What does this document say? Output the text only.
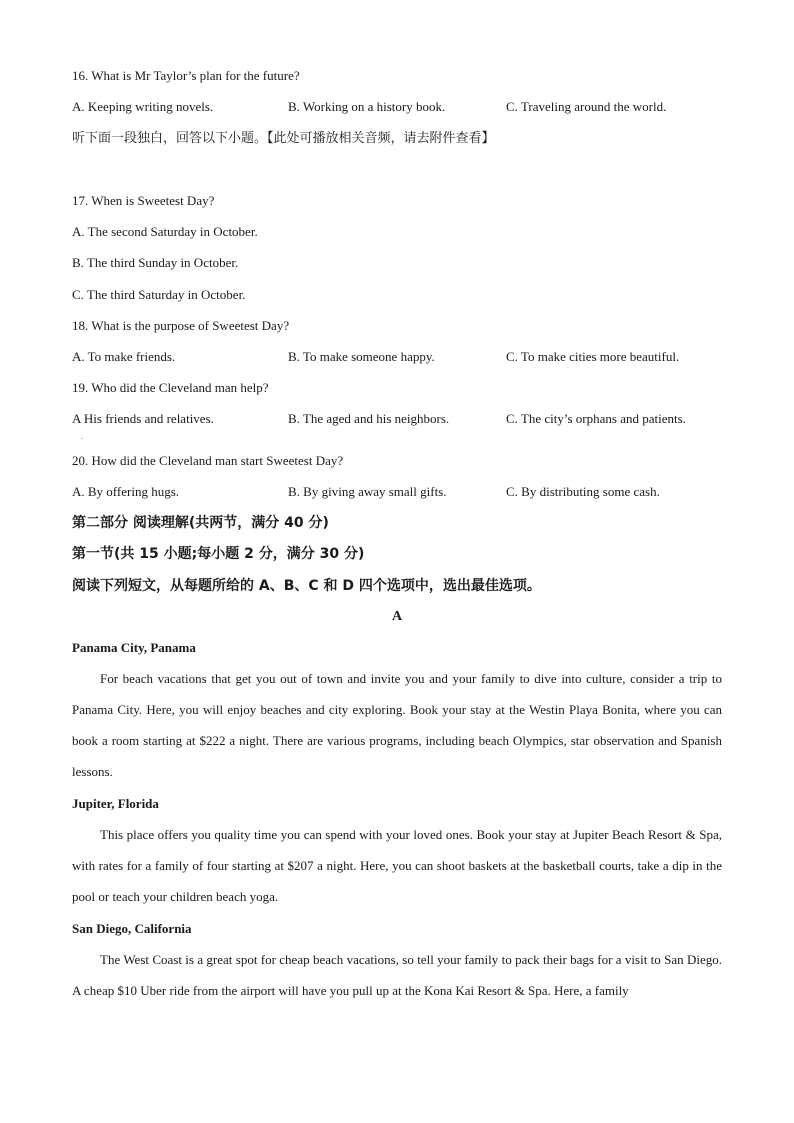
16. What is Mr Taylor’s plan for the future?
A. Keeping writing novels.	B. Working on a history book.	C. Traveling around the world.
听下面一段独白，回答以下小题。【此处可播放相关音频，请去附件查看】
17. When is Sweetest Day?
A. The second Saturday in October.
B. The third Sunday in October.
C. The third Saturday in October.
18. What is the purpose of Sweetest Day?
A. To make friends.	B. To make someone happy.	C. To make cities more beautiful.
19. Who did the Cleveland man help?
A His friends and relatives.	B. The aged and his neighbors.	C. The city’s orphans and patients.
.
20. How did the Cleveland man start Sweetest Day?
A. By offering hugs.	B. By giving away small gifts.	C. By distributing some cash.
第二部分 阅读理解(共两节，满分 40 分)
第一节(共 15 小题;每小题 2 分，满分 30 分)
阅读下列短文，从每题所给的 A、B、C 和 D 四个选项中，选出最佳选项。
A
Panama City, Panama

For beach vacations that get you out of town and invite you and your family to dive into culture, consider a trip to Panama City. Here, you will enjoy beaches and city exploring. Book your stay at the Westin Playa Bonita, where you can book a room starting at $222 a night. There are various programs, including beach Olympics, star observation and Spanish lessons.

Jupiter, Florida

This place offers you quality time you can spend with your loved ones. Book your stay at Jupiter Beach Resort & Spa, with rates for a family of four starting at $207 a night. Here, you can shoot baskets at the basketball courts, take a dip in the pool or teach your children beach yoga.

San Diego, California

The West Coast is a great spot for cheap beach vacations, so tell your family to pack their bags for a visit to San Diego. A cheap $10 Uber ride from the airport will have you pull up at the Kona Kai Resort & Spa. Here, a family
